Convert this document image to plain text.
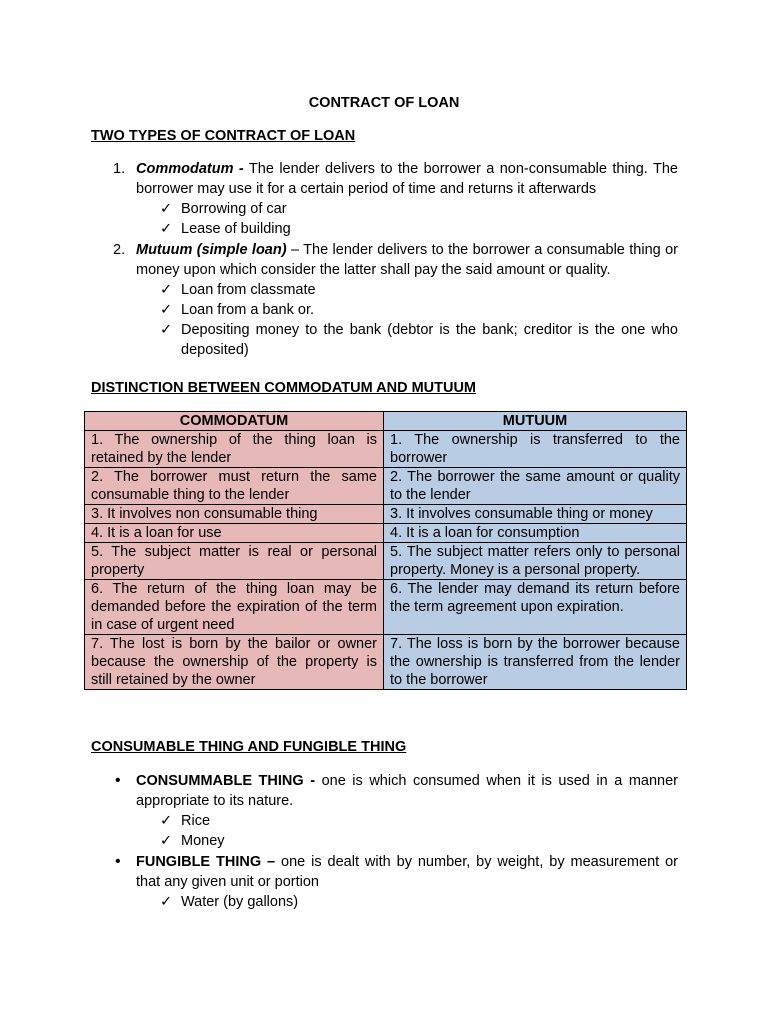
CONTRACT OF LOAN
TWO TYPES OF CONTRACT OF LOAN
1. Commodatum - The lender delivers to the borrower a non-consumable thing. The borrower may use it for a certain period of time and returns it afterwards
✓ Borrowing of car
✓ Lease of building
2. Mutuum (simple loan) – The lender delivers to the borrower a consumable thing or money upon which consider the latter shall pay the said amount or quality.
✓ Loan from classmate
✓ Loan from a bank or.
✓ Depositing money to the bank (debtor is the bank; creditor is the one who deposited)
DISTINCTION BETWEEN COMMODATUM AND MUTUUM
COMMODATUM	MUTUUM
1. The ownership of the thing loan is retained by the lender	1. The ownership is transferred to the borrower
2. The borrower must return the same consumable thing to the lender	2. The borrower the same amount or quality to the lender
3. It involves non consumable thing	3. It involves consumable thing or money
4. It is a loan for use	4. It is a loan for consumption
5. The subject matter is real or personal property	5. The subject matter refers only to personal property. Money is a personal property.
6. The return of the thing loan may be demanded before the expiration of the term in case of urgent need	6. The lender may demand its return before the term agreement upon expiration.
7. The lost is born by the bailor or owner because the ownership of the property is still retained by the owner	7. The loss is born by the borrower because the ownership is transferred from the lender to the borrower
CONSUMABLE THING AND FUNGIBLE THING
• CONSUMMABLE THING - one is which consumed when it is used in a manner appropriate to its nature.
✓ Rice
✓ Money
• FUNGIBLE THING – one is dealt with by number, by weight, by measurement or that any given unit or portion
✓ Water (by gallons)
